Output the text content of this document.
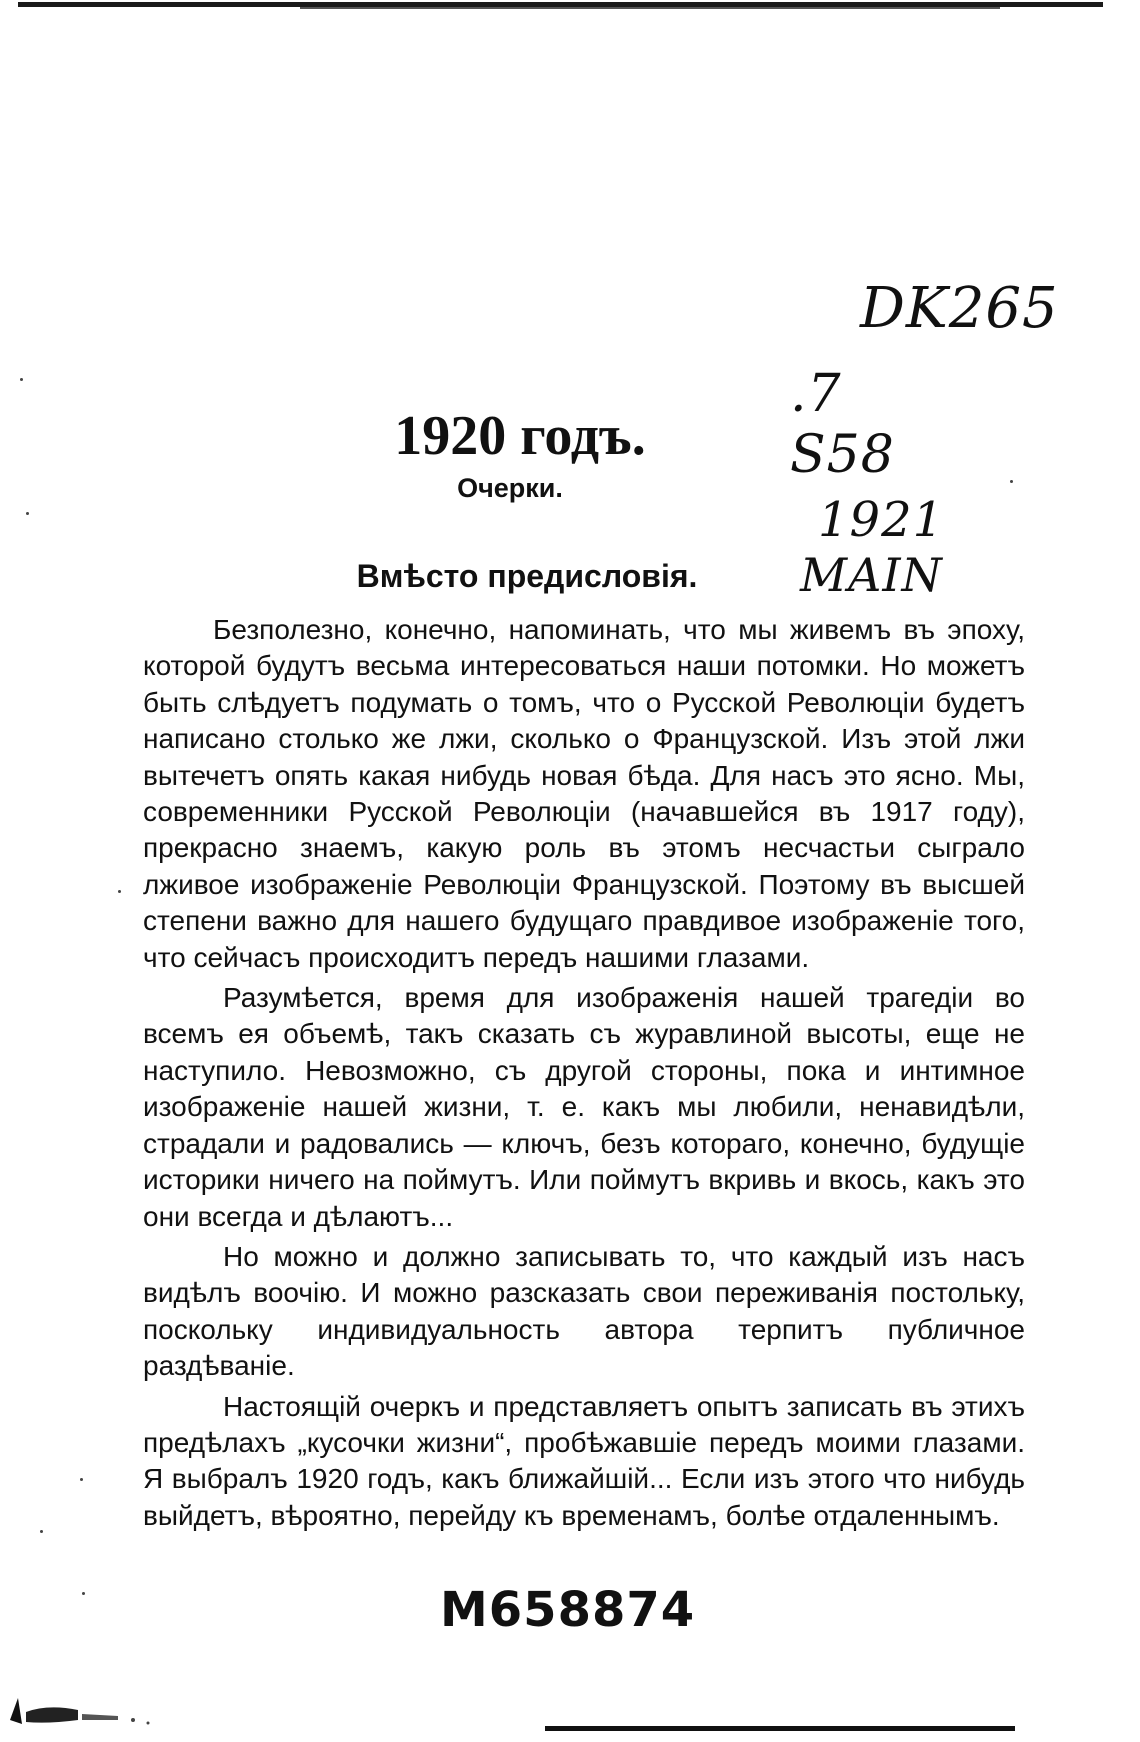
DK265
.7
S58
1921
MAIN
1920 годъ.
Очерки.
Вмѣсто предисловія.

Безполезно, конечно, напоминать, что мы живемъ въ эпоху, которой будутъ весьма интересоваться наши потомки. Но можетъ быть слѣдуетъ подумать о томъ, что о Русской Революціи будетъ написано столько же лжи, сколько о Французской. Изъ этой лжи вытечетъ опять какая нибудь новая бѣда. Для насъ это ясно. Мы, современники Русской Революціи (начавшейся въ 1917 году), прекрасно знаемъ, какую роль въ этомъ несчастьи сыграло лживое изображеніе Революціи Французской. Поэтому въ высшей степени важно для нашего будущаго правдивое изображеніе того, что сейчасъ происходитъ передъ нашими глазами.

Разумѣется, время для изображенія нашей трагедіи во всемъ ея объемѣ, такъ сказать съ журавлиной высоты, еще не наступило. Невозможно, съ другой стороны, пока и интимное изображеніе нашей жизни, т. е. какъ мы любили, ненавидѣли, страдали и радовались — ключъ, безъ котораго, конечно, будущіе историки ничего на поймутъ. Или поймутъ вкривь и вкось, какъ это они всегда и дѣлаютъ...

Но можно и должно записывать то, что каждый изъ насъ видѣлъ воочію. И можно разсказать свои переживанія постольку, поскольку индивидуальность автора терпитъ публичное раздѣваніе.

Настоящій очеркъ и представляетъ опытъ записать въ этихъ предѣлахъ „кусочки жизни“, пробѣжавшіе передъ моими глазами. Я выбралъ 1920 годъ, какъ ближайшій... Если изъ этого что нибудь выйдетъ, вѣроятно, перейду къ временамъ, болѣе отдаленнымъ.

M658874
